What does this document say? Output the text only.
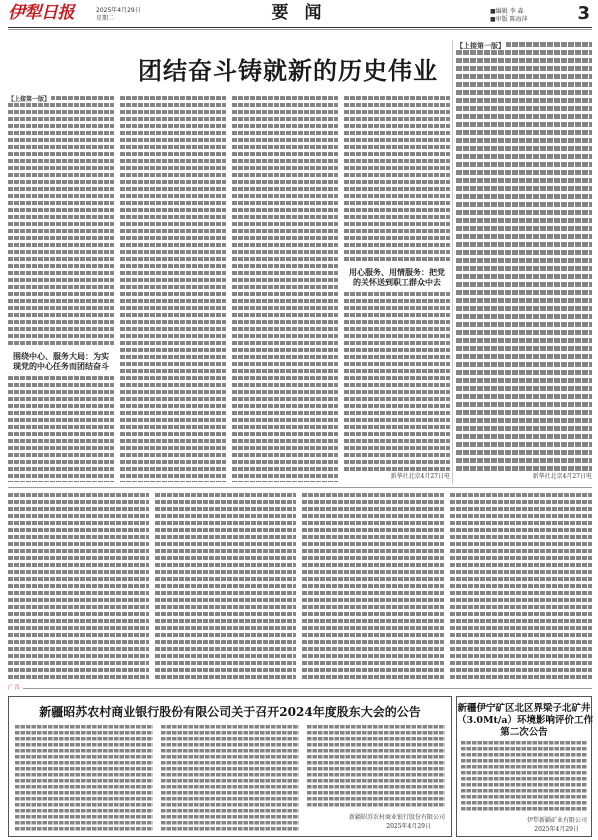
伊犁日报	2025年4月29日
星期二	要 闻	■编辑 李 森
■审版 陈海萍	3
团结奋斗铸就新的历史伟业
【上接第一版】
围绕中心、服务大局：为实现党的中心任务而团结奋斗
用心服务、用情服务：把党的关怀送到职工群众中去
新华社北京4月27日电
【上接第一版】
新华社北京4月27日电
广告
新疆昭苏农村商业银行股份有限公司关于召开2024年度股东大会的公告
新疆昭苏农村商业银行股份有限公司
2025年4月29日
新疆伊宁矿区北区界梁子北矿井
（3.0Mt/a）环境影响评价工作
第二次公告
伊犁新疆矿业有限公司
2025年4月29日
